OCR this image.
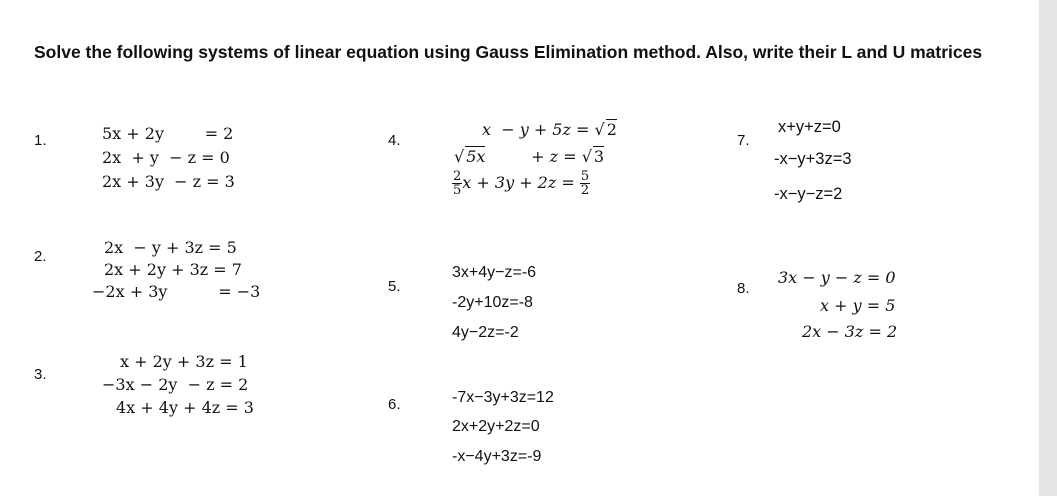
Solve the following systems of linear equation using Gauss Elimination method. Also, write their L and U matrices
1.	5x + 2y        = 2
2x  + y  − z = 0
2x + 3y  − z = 3
2.	2x  − y + 3z = 5
2x + 2y + 3z = 7
−2x + 3y          = −3
3.
x + 2y + 3z = 1
−3x − 2y  − z = 2
4x + 4y + 4z = 3
4.
x  − y + 5z = √ 2
√ 5x         + z = √ 3
$\frac{2}{5}$ $x + 3y + 2z = \frac{5}{2}$
5.
3x+4y−z=-6
-2y+10z=-8
4y−2z=-2
6.	-7x−3y+3z=12
2x+2y+2z=0
-x−4y+3z=-9
7.
x+y+z=0
-x−y+3z=3
-x−y−z=2
8.
3x − y − z = 0
x + y = 5
2x − 3z = 2
